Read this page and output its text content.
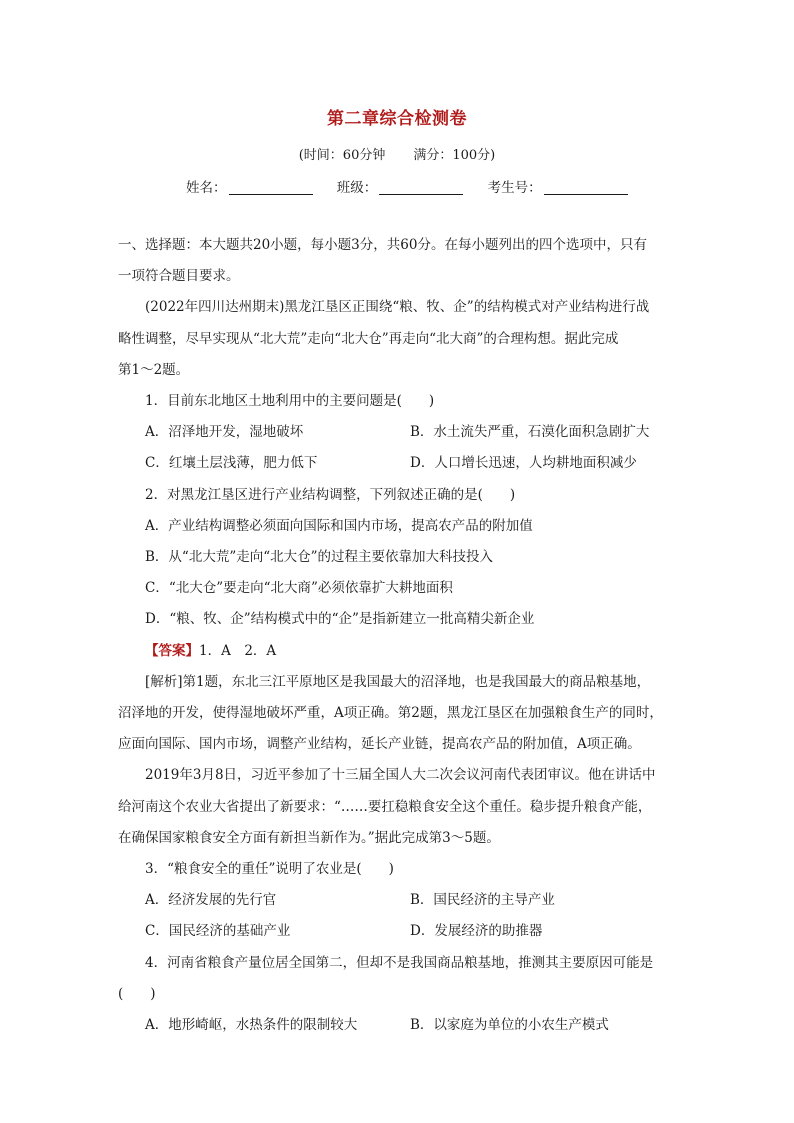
第二章综合检测卷
(时间：60分钟 满分：100分)
姓名：	班级：	考生号：

一、选择题：本大题共20小题，每小题3分，共60分。在每小题列出的四个选项中，只有

一项符合题目要求。

(2022年四川达州期末)黑龙江垦区正围绕“粮、牧、企”的结构模式对产业结构进行战

略性调整，尽早实现从“北大荒”走向“北大仓”再走向“北大商”的合理构想。据此完成

第1～2题。

1．目前东北地区土地利用中的主要问题是(　　)

A．沼泽地开发，湿地破坏	B．水土流失严重，石漠化面积急剧扩大
C．红壤土层浅薄，肥力低下	D．人口增长迅速，人均耕地面积减少

2．对黑龙江垦区进行产业结构调整，下列叙述正确的是(　　)

A．产业结构调整必须面向国际和国内市场，提高农产品的附加值

B．从“北大荒”走向“北大仓”的过程主要依靠加大科技投入

C．“北大仓”要走向“北大商”必须依靠扩大耕地面积

D．“粮、牧、企”结构模式中的“企”是指新建立一批高精尖新企业

【答案】1．A　2．A

[解析]第1题，东北三江平原地区是我国最大的沼泽地，也是我国最大的商品粮基地，

沼泽地的开发，使得湿地破坏严重，A项正确。第2题，黑龙江垦区在加强粮食生产的同时，

应面向国际、国内市场，调整产业结构，延长产业链，提高农产品的附加值，A项正确。

2019年3月8日，习近平参加了十三届全国人大二次会议河南代表团审议。他在讲话中

给河南这个农业大省提出了新要求：“……要扛稳粮食安全这个重任。稳步提升粮食产能，

在确保国家粮食安全方面有新担当新作为。”据此完成第3～5题。

3．“粮食安全的重任”说明了农业是(　　)

A．经济发展的先行官	B．国民经济的主导产业
C．国民经济的基础产业	D．发展经济的助推器

4．河南省粮食产量位居全国第二，但却不是我国商品粮基地，推测其主要原因可能是

(　　)

A．地形崎岖，水热条件的限制较大	B．以家庭为单位的小农生产模式
